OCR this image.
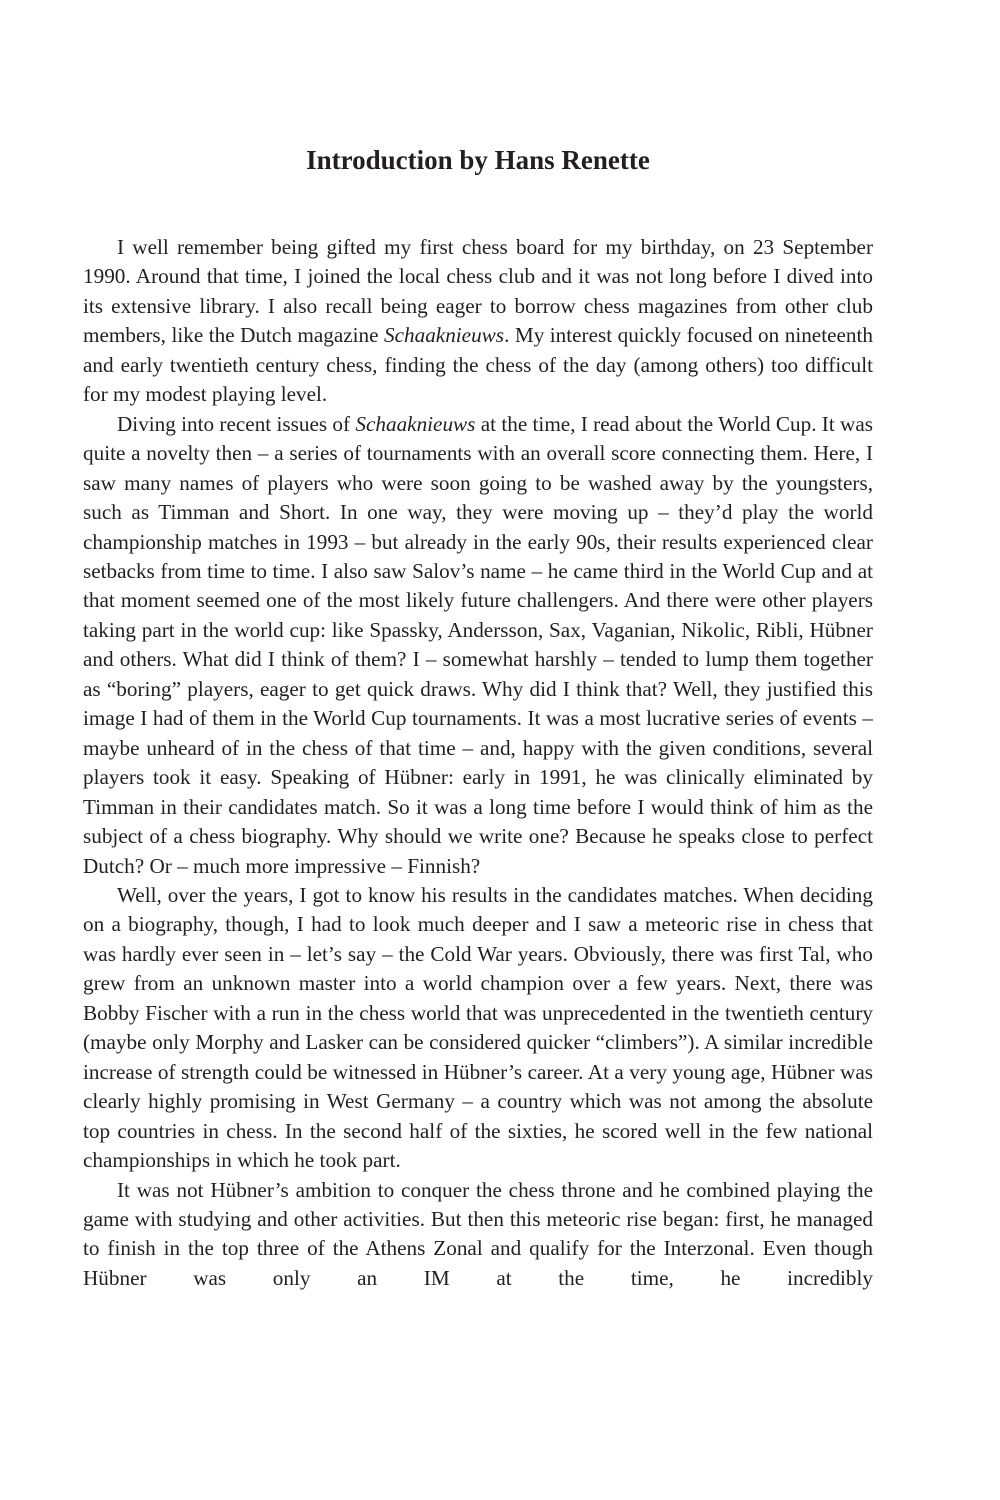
Introduction by Hans Renette

I well remember being gifted my first chess board for my birthday, on 23 September 1990. Around that time, I joined the local chess club and it was not long before I dived into its extensive library. I also recall being eager to borrow chess magazines from other club members, like the Dutch magazine Schaaknieuws. My interest quickly focused on nineteenth and early twentieth century chess, finding the chess of the day (among others) too difficult for my modest playing level.

Diving into recent issues of Schaaknieuws at the time, I read about the World Cup. It was quite a novelty then – a series of tournaments with an overall score connecting them. Here, I saw many names of players who were soon going to be washed away by the youngsters, such as Timman and Short. In one way, they were moving up – they’d play the world championship matches in 1993 – but already in the early 90s, their results experienced clear setbacks from time to time. I also saw Salov’s name – he came third in the World Cup and at that moment seemed one of the most likely future challengers. And there were other players taking part in the world cup: like Spassky, Andersson, Sax, Vaganian, Nikolic, Ribli, Hübner and others. What did I think of them? I – somewhat harshly – tended to lump them together as “boring” players, eager to get quick draws. Why did I think that? Well, they justified this image I had of them in the World Cup tournaments. It was a most lucrative series of events – maybe unheard of in the chess of that time – and, happy with the given conditions, several players took it easy. Speaking of Hübner: early in 1991, he was clinically eliminated by Timman in their candidates match. So it was a long time before I would think of him as the subject of a chess biography. Why should we write one? Because he speaks close to perfect Dutch? Or – much more impressive – Finnish?

Well, over the years, I got to know his results in the candidates matches. When deciding on a biography, though, I had to look much deeper and I saw a meteoric rise in chess that was hardly ever seen in – let’s say – the Cold War years. Obviously, there was first Tal, who grew from an unknown master into a world champion over a few years. Next, there was Bobby Fischer with a run in the chess world that was unprecedented in the twentieth century (maybe only Morphy and Lasker can be considered quicker “climbers”). A similar incredible increase of strength could be witnessed in Hübner’s career. At a very young age, Hübner was clearly highly promising in West Germany – a country which was not among the absolute top countries in chess. In the second half of the sixties, he scored well in the few national championships in which he took part.

It was not Hübner’s ambition to conquer the chess throne and he combined playing the game with studying and other activities. But then this meteoric rise began: first, he managed to finish in the top three of the Athens Zonal and qualify for the Interzonal. Even though Hübner was only an IM at the time, he incredibly
